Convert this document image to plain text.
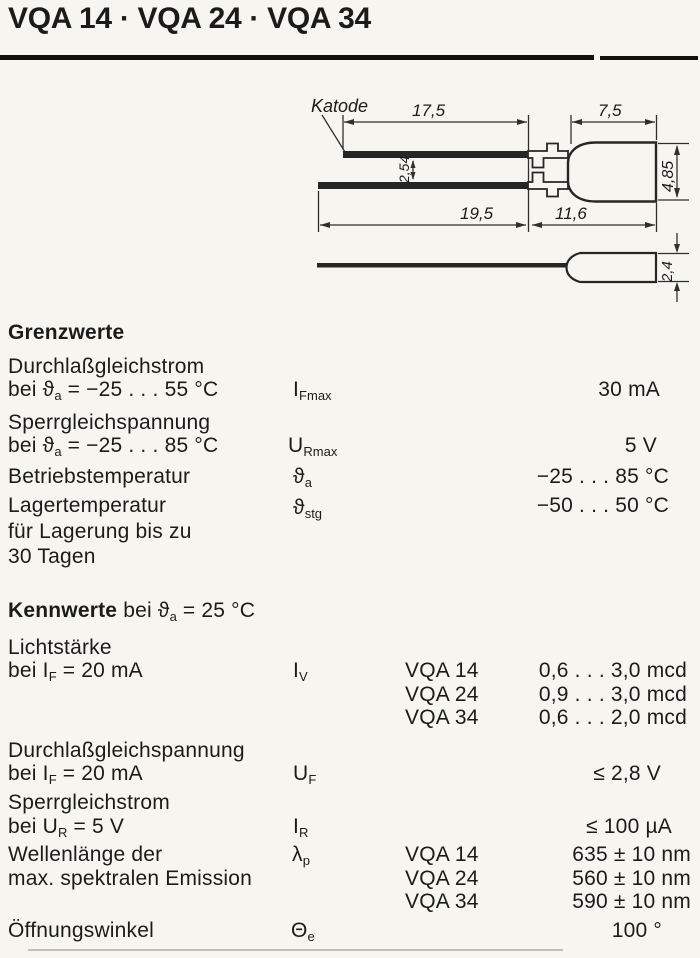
VQA 14 · VQA 24 · VQA 34
Katode	17,5	7,5
19,5	11,6
2,54	4,85
2,4
Grenzwerte
Durchlaßgleichstrom
bei ϑa = −25 . . . 55 °C	IFmax	30 mA
Sperrgleichspannung
bei ϑa = −25 . . . 85 °C	URmax	5 V
Betriebstemperatur	ϑa	−25 . . . 85 °C
Lagertemperatur	ϑstg	−50 . . . 50 °C
für Lagerung bis zu
30 Tagen
Kennwerte bei ϑa = 25 °C
Lichtstärke
bei IF = 20 mA	IV	VQA 14	0,6 . . . 3,0 mcd
VQA 24	0,9 . . . 3,0 mcd
VQA 34	0,6 . . . 2,0 mcd
Durchlaßgleichspannung
bei IF = 20 mA	UF	≤ 2,8 V
Sperrgleichstrom
bei UR = 5 V	IR	≤ 100 µA
Wellenlänge der	λp	VQA 14	635 ± 10 nm
max. spektralen Emission	VQA 24	560 ± 10 nm
VQA 34	590 ± 10 nm
Öffnungswinkel	Θe	100 °
